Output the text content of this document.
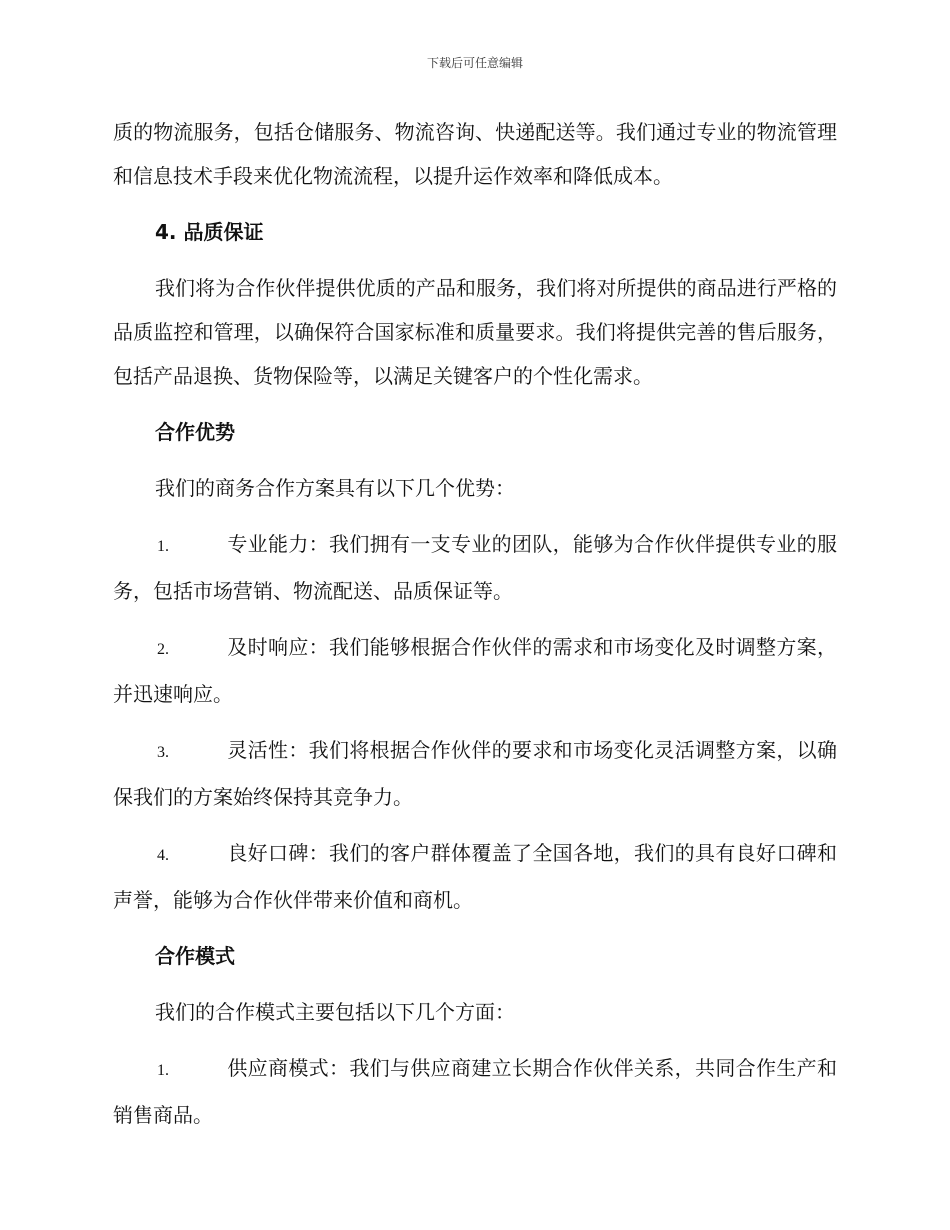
下载后可任意编辑

质的物流服务，包括仓储服务、物流咨询、快递配送等。我们通过专业的物流管理和信息技术手段来优化物流流程，以提升运作效率和降低成本。

4. 品质保证

我们将为合作伙伴提供优质的产品和服务，我们将对所提供的商品进行严格的品质监控和管理，以确保符合国家标准和质量要求。我们将提供完善的售后服务，包括产品退换、货物保险等，以满足关键客户的个性化需求。

合作优势

我们的商务合作方案具有以下几个优势：

1.	专业能力：我们拥有一支专业的团队，能够为合作伙伴提供专业的服务，包括市场营销、物流配送、品质保证等。
2.	及时响应：我们能够根据合作伙伴的需求和市场变化及时调整方案，并迅速响应。
3.	灵活性：我们将根据合作伙伴的要求和市场变化灵活调整方案，以确保我们的方案始终保持其竞争力。
4.	良好口碑：我们的客户群体覆盖了全国各地，我们的具有良好口碑和声誉，能够为合作伙伴带来价值和商机。
合作模式

我们的合作模式主要包括以下几个方面：

1.	供应商模式：我们与供应商建立长期合作伙伴关系，共同合作生产和销售商品。
